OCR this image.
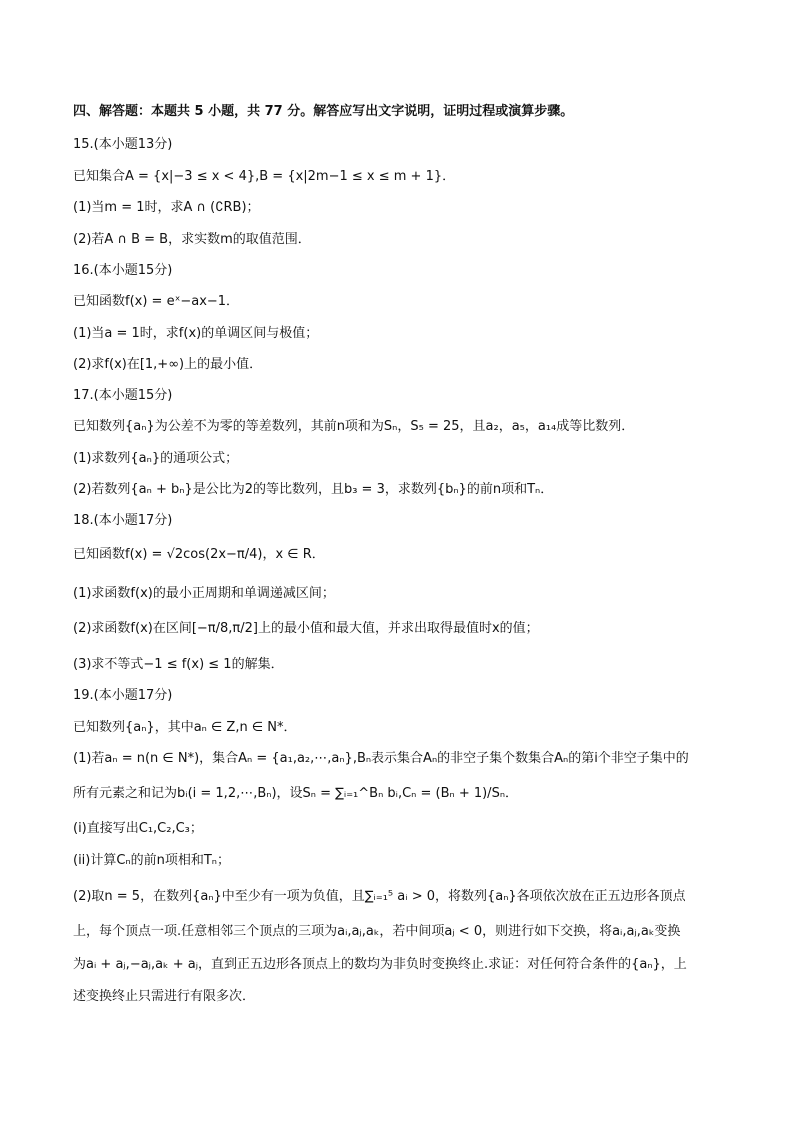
四、解答题：本题共 5 小题，共 77 分。解答应写出文字说明，证明过程或演算步骤。
15.(本小题13分)
已知集合A = {x|−3 ≤ x < 4},B = {x|2m−1 ≤ x ≤ m + 1}．
(1)当m = 1时，求A ∩ (∁RB)；
(2)若A ∩ B = B，求实数m的取值范围．
16.(本小题15分)
已知函数f(x) = eˣ−ax−1．
(1)当a = 1时，求f(x)的单调区间与极值；
(2)求f(x)在[1,+∞)上的最小值．
17.(本小题15分)
已知数列{aₙ}为公差不为零的等差数列，其前n项和为Sₙ，S₅ = 25，且a₂，a₅，a₁₄成等比数列．
(1)求数列{aₙ}的通项公式；
(2)若数列{aₙ + bₙ}是公比为2的等比数列，且b₃ = 3，求数列{bₙ}的前n项和Tₙ．
18.(本小题17分)
已知函数f(x) = √2cos(2x−π/4)，x ∈ R．
(1)求函数f(x)的最小正周期和单调递减区间；
(2)求函数f(x)在区间[−π/8,π/2]上的最小值和最大值，并求出取得最值时x的值；
(3)求不等式−1 ≤ f(x) ≤ 1的解集．
19.(本小题17分)
已知数列{aₙ}，其中aₙ ∈ Z,n ∈ N*．
(1)若aₙ = n(n ∈ N*)，集合Aₙ = {a₁,a₂,⋯,aₙ},Bₙ表示集合Aₙ的非空子集个数集合Aₙ的第i个非空子集中的
所有元素之和记为bᵢ(i = 1,2,⋯,Bₙ)，设Sₙ = ∑ᵢ₌₁^Bₙ bᵢ,Cₙ = (Bₙ + 1)/Sₙ．
(i)直接写出C₁,C₂,C₃；
(ii)计算Cₙ的前n项相和Tₙ；
(2)取n = 5，在数列{aₙ}中至少有一项为负值，且∑ᵢ₌₁⁵ aᵢ > 0，将数列{aₙ}各项依次放在正五边形各顶点
上，每个顶点一项.任意相邻三个顶点的三项为aᵢ,aⱼ,aₖ，若中间项aⱼ < 0，则进行如下交换，将aᵢ,aⱼ,aₖ变换
为aᵢ + aⱼ,−aⱼ,aₖ + aⱼ，直到正五边形各顶点上的数均为非负时变换终止.求证：对任何符合条件的{aₙ}，上
述变换终止只需进行有限多次．
